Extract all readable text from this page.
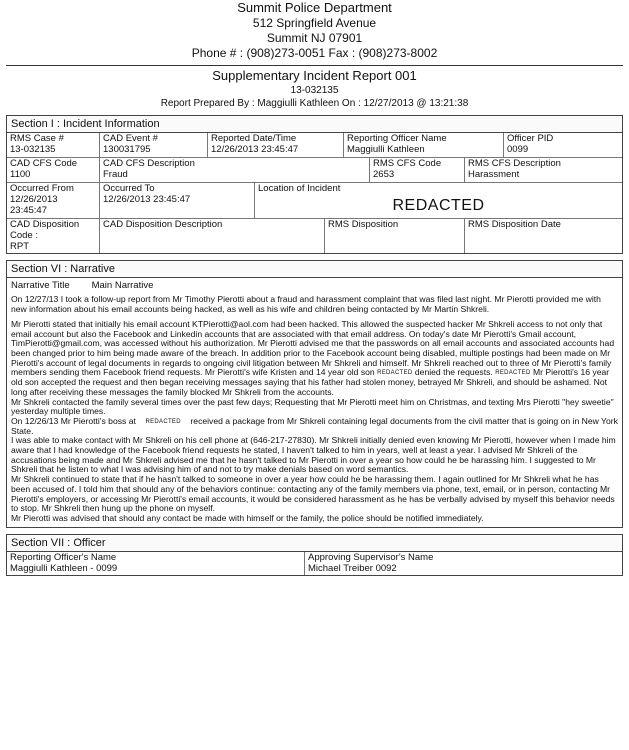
Summit Police Department
512 Springfield Avenue
Summit NJ 07901
Phone # : (908)273-0051 Fax : (908)273-8002
Supplementary Incident Report 001
13-032135
Report Prepared By : Maggiulli Kathleen On : 12/27/2013 @ 13:21:38
Section I : Incident Information
RMS Case #
13-032135
CAD Event #
130031795
Reported Date/Time
12/26/2013 23:45:47
Reporting Officer Name
Maggiulli Kathleen
Officer PID
0099
CAD CFS Code
1100
CAD CFS Description
Fraud
RMS CFS Code
2653
RMS CFS Description
Harassment
Occurred From
12/26/2013 23:45:47
Occurred To
12/26/2013 23:45:47
Location of Incident
REDACTED
CAD Disposition Code :
RPT
CAD Disposition Description	RMS Disposition	RMS Disposition Date
Section VI : Narrative
Narrative Title Main Narrative

On 12/27/13 I took a follow-up report from Mr Timothy Pierotti about a fraud and harassment complaint that was filed last night. Mr Pierotti provided me with new information about his email accounts being hacked, as well as his wife and children being contacted by Mr Martin Shkreli.

Mr Pierotti stated that initially his email account KTPierotti@aol.com had been hacked. This allowed the suspected hacker Mr Shkreli access to not only that email account but also the Facebook and Linkedin accounts that are associated with that email address. On today's date Mr Pierotti's Gmail account, TimPierotti@gmail.com, was accessed without his authorization. Mr Pierotti advised me that the passwords on all email accounts and associated accounts had been changed prior to him being made aware of the breach. In addition prior to the Facebook account being disabled, multiple postings had been made on Mr Pierotti's account of legal documents in regards to ongoing civil litigation between Mr Shkreli and himself. Mr Shkreli reached out to three of Mr Pierotti's family members sending them Facebook friend requests. Mr Pierotti's wife Kristen and 14 year old son REDACTED denied the requests. REDACTED Mr Pierotti's 16 year old son accepted the request and then began receiving messages saying that his father had stolen money, betrayed Mr Shkreli, and should be ashamed. Not long after receiving these messages the family blocked Mr Shkreli from the accounts.

Mr Shkreli contacted the family several times over the past few days; Requesting that Mr Pierotti meet him on Christmas, and texting Mrs Pierotti "hey sweetie" yesterday multiple times.

On 12/26/13 Mr Pierotti's boss at REDACTED received a package from Mr Shkreli containing legal documents from the civil matter that is going on in New York State.

I was able to make contact with Mr Shkreli on his cell phone at (646-217-27830). Mr Shkreli initially denied even knowing Mr Pierotti, however when I made him aware that I had knowledge of the Facebook friend requests he stated, I haven't talked to him in years, well at least a year. I advised Mr Shkreli of the accusations being made and Mr Shkreli advised me that he hasn't talked to Mr Pierotti in over a year so how could he be harassing him. I suggested to Mr Shkreli that he listen to what I was advising him of and not to try make denials based on word semantics.

Mr Shkreli continued to state that if he hasn't talked to someone in over a year how could he be harassing them. I again outlined for Mr Shkreli what he has been accused of. I told him that should any of the behaviors continue: contacting any of the family members via phone, text, email, or in person, contacting Mr Pierotti's employers, or accessing Mr Pierotti's email accounts, it would be considered harassment as he has be verbally advised by myself this behavior needs to stop. Mr Shkreli then hung up the phone on myself.

Mr Pierotti was advised that should any contact be made with himself or the family, the police should be notified immediately.

Section VII : Officer
Reporting Officer's Name
Maggiulli Kathleen - 0099
Approving Supervisor's Name
Michael Treiber 0092
